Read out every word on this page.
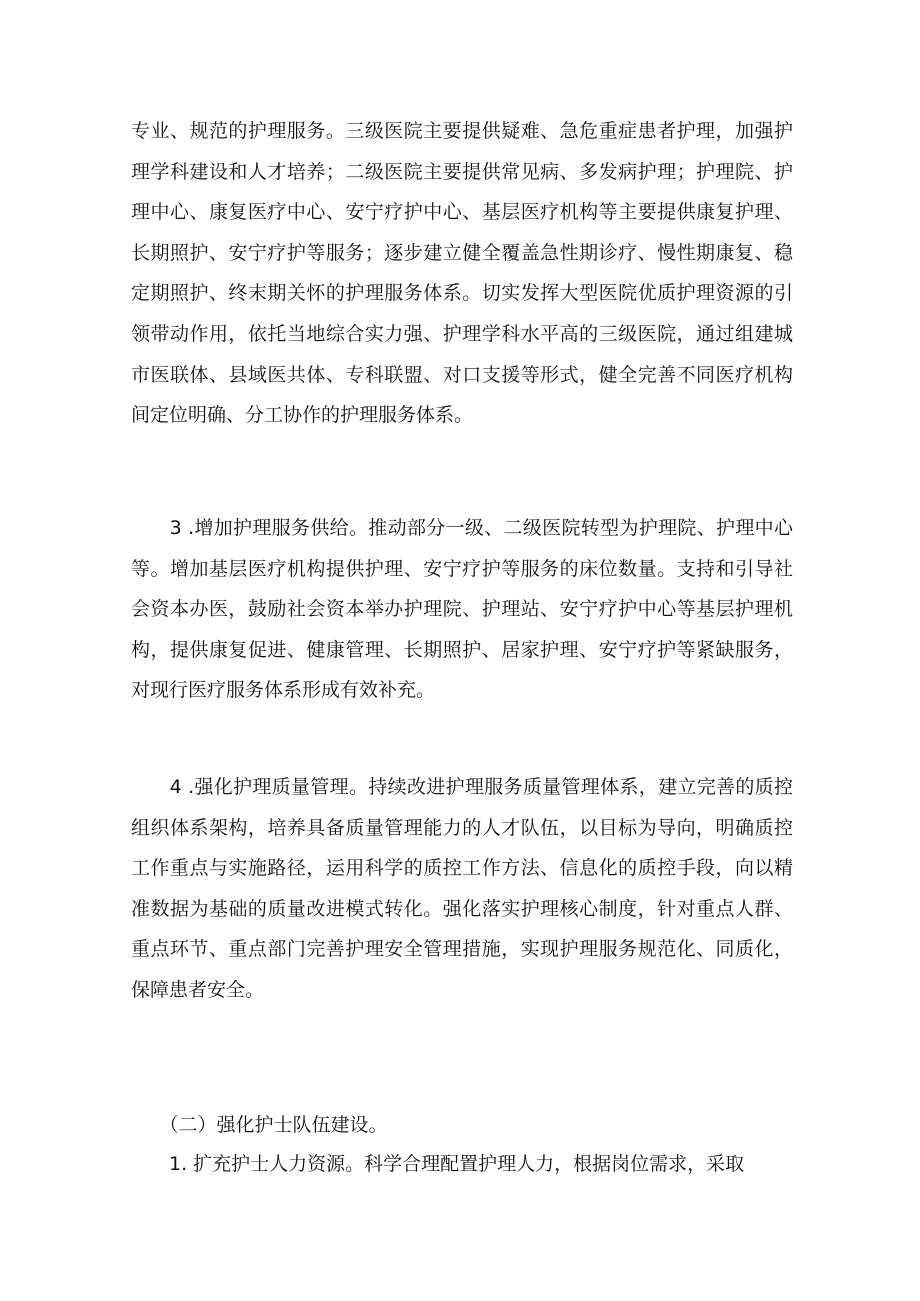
专业、规范的护理服务。三级医院主要提供疑难、急危重症患者护理，加强​护理学科建设和人才培养；二级医院主要提供常见病、多发病护理；护理院、​护理中心、康复医疗中心、安宁疗护中心、基层医疗机构等主要提供康复护​理、长期照护、安宁疗护等服务；逐步建立健全覆盖急性期诊疗、慢性期康​复、稳定期照护、终末期关怀的护理服务体系。切实发挥大型医院优质护理​资源的引领带动作用，依托当地综合实力强、护理学科水平高的三级医院，​通过组建城市医联体、县域医共体、专科联盟、对口支援等形式，健全完善​不同医疗机构间定位明确、分工协作的护理服务体系。

　　3 .增加护理服务供给。推动部分一级、二级医院转型为护理院、护理​中心等。增加基层医疗机构提供护理、安宁疗护等服务的床位数量。支持和​引导社会资本办医，鼓励社会资本举办护理院、护理站、安宁疗护中心等基​层护理机构，提供康复促进、健康管理、长期照护、居家护理、安宁疗护等​紧缺服务，对现行医疗服务体系形成有效补充。

　　4 .强化护理质量管理。持续改进护理服务质量管理体系，建立完善的​质控组织体系架构，培养具备质量管理能力的人才队伍，以目标为导向，明​确质控工作重点与实施路径，运用科学的质控工作方法、信息化的质控手段，​向以精准数据为基础的质量改进模式转化。强化落实护理核心制度，针对重​点人群、重点环节、重点部门完善护理安全管理措施，实现护理服务规范化、​同质化，保障患者安全。

　　（二）强化护士队伍建设。

　　1. 扩充护士人力资源。科学合理配置护理人力，根据岗位需求，采取
